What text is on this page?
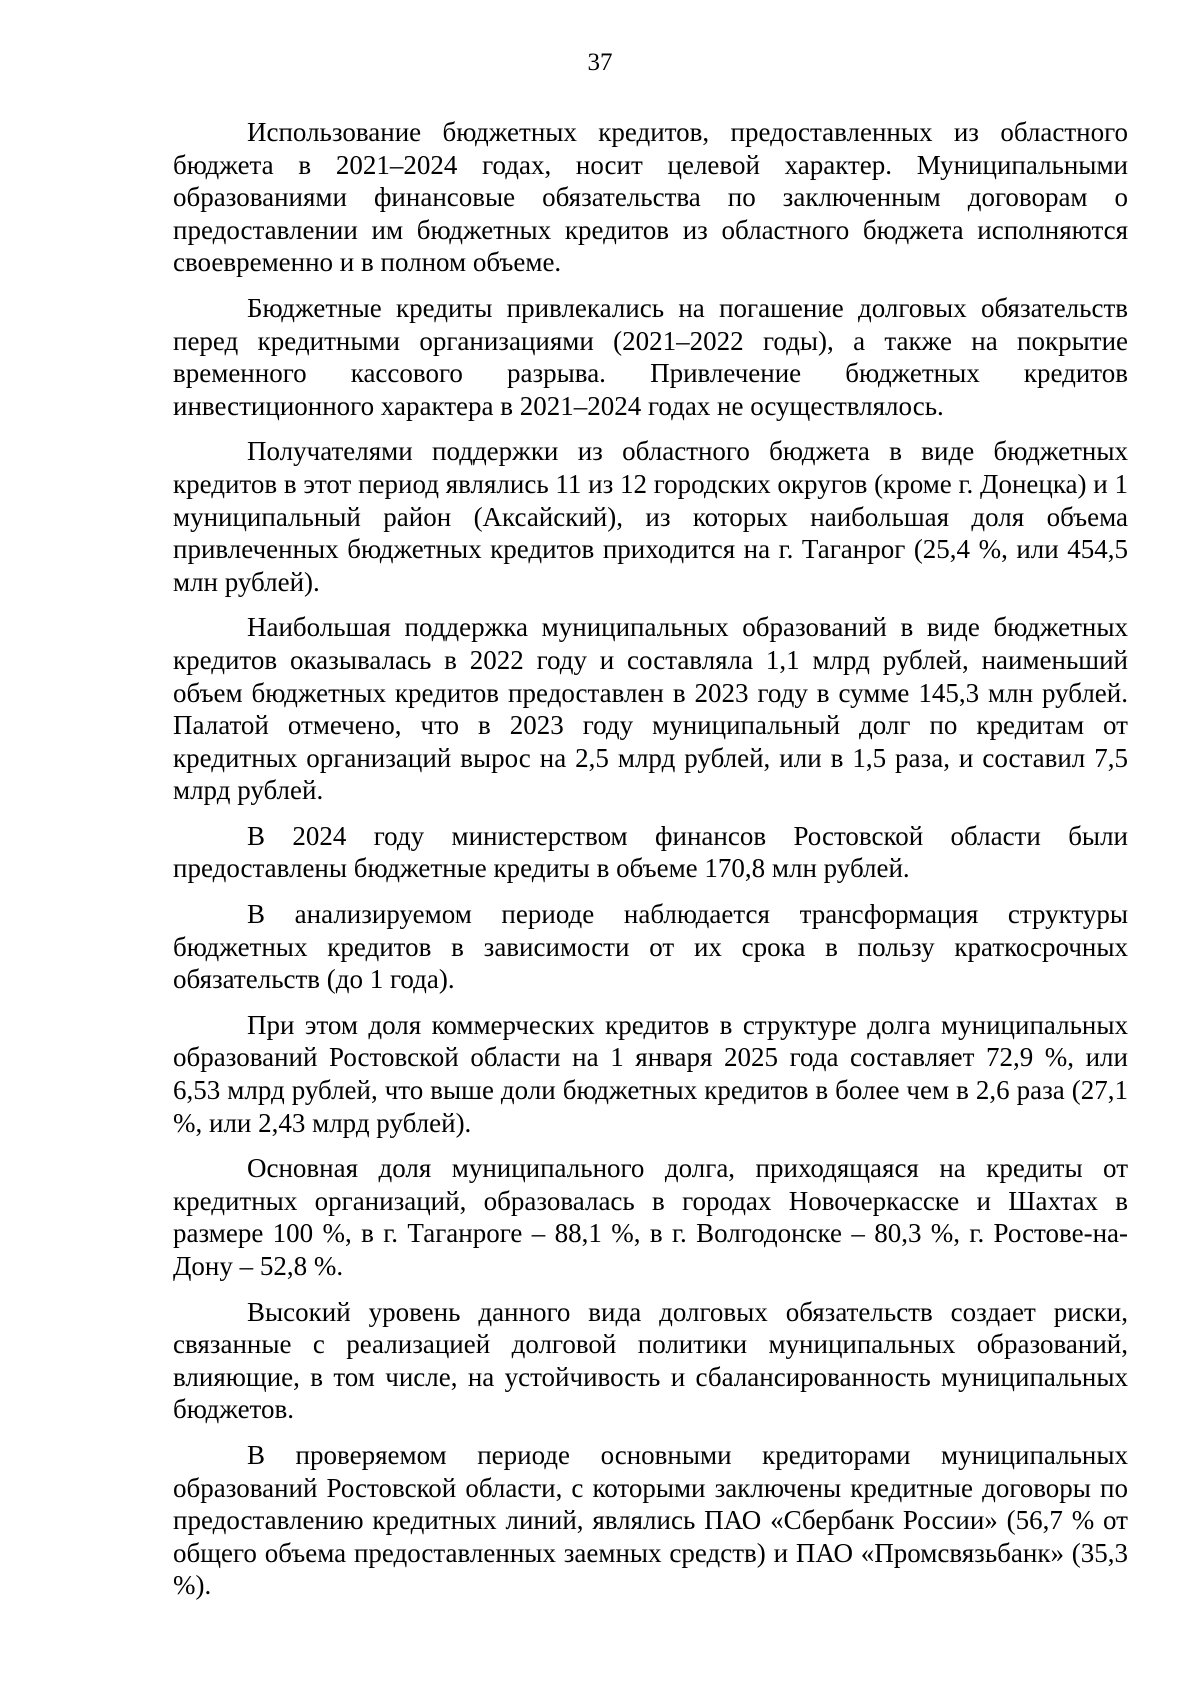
37

Использование бюджетных кредитов, предоставленных из областного бюджета в 2021–2024 годах, носит целевой характер. Муниципальными образованиями финансовые обязательства по заключенным договорам о предоставлении им бюджетных кредитов из областного бюджета исполняются своевременно и в полном объеме.

Бюджетные кредиты привлекались на погашение долговых обязательств перед кредитными организациями (2021–2022 годы), а также на покрытие временного кассового разрыва. Привлечение бюджетных кредитов инвестиционного характера в 2021–2024 годах не осуществлялось.

Получателями поддержки из областного бюджета в виде бюджетных кредитов в этот период являлись 11 из 12 городских округов (кроме г. Донецка) и 1 муниципальный район (Аксайский), из которых наибольшая доля объема привлеченных бюджетных кредитов приходится на г. Таганрог (25,4 %, или 454,5 млн рублей).

Наибольшая поддержка муниципальных образований в виде бюджетных кредитов оказывалась в 2022 году и составляла 1,1 млрд рублей, наименьший объем бюджетных кредитов предоставлен в 2023 году в сумме 145,3 млн рублей. Палатой отмечено, что в 2023 году муниципальный долг по кредитам от кредитных организаций вырос на 2,5 млрд рублей, или в 1,5 раза, и составил 7,5 млрд рублей.

В 2024 году министерством финансов Ростовской области были предоставлены бюджетные кредиты в объеме 170,8 млн рублей.

В анализируемом периоде наблюдается трансформация структуры бюджетных кредитов в зависимости от их срока в пользу краткосрочных обязательств (до 1 года).

При этом доля коммерческих кредитов в структуре долга муниципальных образований Ростовской области на 1 января 2025 года составляет 72,9 %, или 6,53 млрд рублей, что выше доли бюджетных кредитов в более чем в 2,6 раза (27,1 %, или 2,43 млрд рублей).

Основная доля муниципального долга, приходящаяся на кредиты от кредитных организаций, образовалась в городах Новочеркасске и Шахтах в размере 100 %, в г. Таганроге – 88,1 %, в г. Волгодонске – 80,3 %, г. Ростове-на-Дону – 52,8 %.

Высокий уровень данного вида долговых обязательств создает риски, связанные с реализацией долговой политики муниципальных образований, влияющие, в том числе, на устойчивость и сбалансированность муниципальных бюджетов.

В проверяемом периоде основными кредиторами муниципальных образований Ростовской области, с которыми заключены кредитные договоры по предоставлению кредитных линий, являлись ПАО «Сбербанк России» (56,7 % от общего объема предоставленных заемных средств) и ПАО «Промсвязьбанк» (35,3 %).
